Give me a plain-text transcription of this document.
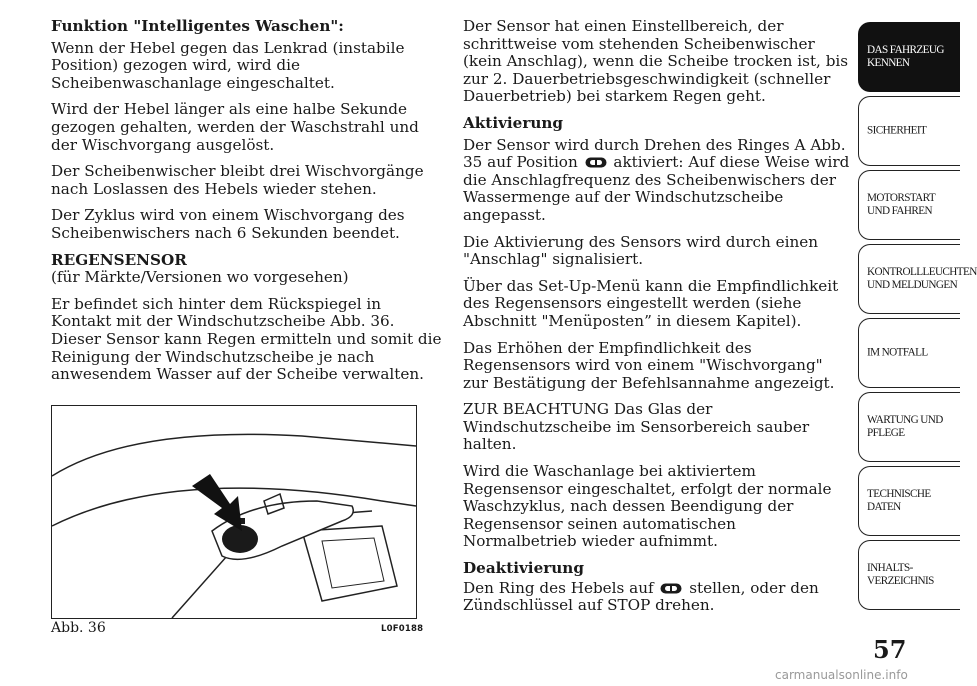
Funktion "Intelligentes Waschen":

Wenn der Hebel gegen das Lenkrad (instabile Position) gezogen wird, wird die Scheibenwaschanlage eingeschaltet.

Wird der Hebel länger als eine halbe Sekunde gezogen gehalten, werden der Waschstrahl und der Wischvorgang ausgelöst.

Der Scheibenwischer bleibt drei Wischvorgänge nach Loslassen des Hebels wieder stehen.

Der Zyklus wird von einem Wischvorgang des Scheibenwischers nach 6 Sekunden beendet.

REGENSENSOR

(für Märkte/Versionen wo vorgesehen)

Er befindet sich hinter dem Rückspiegel in Kontakt mit der Windschutzscheibe Abb. 36. Dieser Sensor kann Regen ermitteln und somit die Reinigung der Windschutzscheibe je nach anwesendem Wasser auf der Scheibe verwalten.

Abb. 36	L0F0188

Der Sensor hat einen Einstellbereich, der schrittweise vom stehenden Scheibenwischer (kein Anschlag), wenn die Scheibe trocken ist, bis zur 2. Dauerbetriebsgeschwindigkeit (schneller Dauerbetrieb) bei starkem Regen geht.

Aktivierung

Der Sensor wird durch Drehen des Ringes A Abb. 35 auf Position aktiviert: Auf diese Weise wird die Anschlagfrequenz des Scheibenwischers der Wassermenge auf der Windschutzscheibe angepasst.

Die Aktivierung des Sensors wird durch einen "Anschlag" signalisiert.

Über das Set-Up-Menü kann die Empfindlichkeit des Regensensors eingestellt werden (siehe Abschnitt "Menüposten” in diesem Kapitel).

Das Erhöhen der Empfindlichkeit des Regensensors wird von einem "Wischvorgang" zur Bestätigung der Befehlsannahme angezeigt.

ZUR BEACHTUNG Das Glas der Windschutzscheibe im Sensorbereich sauber halten.

Wird die Waschanlage bei aktiviertem Regensensor eingeschaltet, erfolgt der normale Waschzyklus, nach dessen Beendigung der Regensensor seinen automatischen Normalbetrieb wieder aufnimmt.

Deaktivierung

Den Ring des Hebels auf stellen, oder den Zündschlüssel auf STOP drehen.

DAS FAHRZEUG KENNEN
SICHERHEIT
MOTORSTART UND FAHREN
KONTROLLLEUCHTEN UND MELDUNGEN
IM NOTFALL
WARTUNG UND PFLEGE
TECHNISCHE DATEN
INHALTS- VERZEICHNIS
57
carmanualsonline.info
